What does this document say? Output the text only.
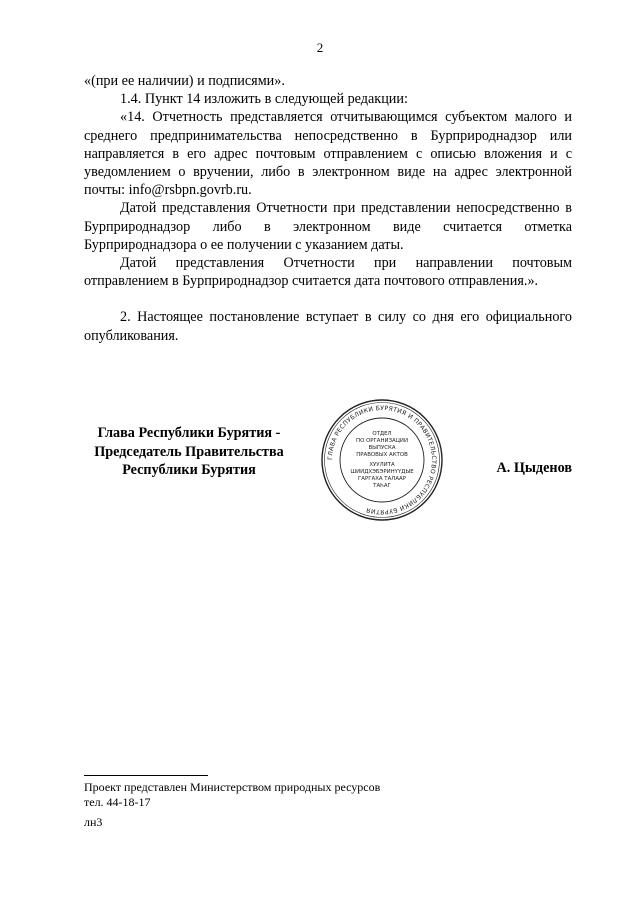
2

«(при ее наличии) и подписями».

1.4. Пункт 14 изложить в следующей редакции:

«14. Отчетность представляется отчитывающимся субъектом малого и среднего предпринимательства непосредственно в Бурприроднадзор или направляется в его адрес почтовым отправлением с описью вложения и с уведомлением о вручении, либо в электронном виде на адрес электронной почты: info@rsbpn.govrb.ru.

Датой представления Отчетности при представлении непосредственно в Бурприроднадзор либо в электронном виде считается отметка Бурприроднадзора о ее получении с указанием даты.

Датой представления Отчетности при направлении почтовым отправлением в Бурприроднадзор считается дата почтового отправления.».

2. Настоящее постановление вступает в силу со дня его официального опубликования.

Глава Республики Бурятия -
Председатель Правительства
Республики Бурятия
ГЛАВА РЕСПУБЛИКИ БУРЯТИЯ И ПРАВИТЕЛЬСТВО РЕСПУБЛИКИ БУРЯТИЯ
ОТДЕЛ
ПО ОРГАНИЗАЦИИ
ВЫПУСКА
ПРАВОВЫХ АКТОВ
ХУУЛИТА
ШИИДХЭБЭРИНҮҮДЫЕ
ГАРГАХА ТАЛААР
ТАҺАГ
А. Цыденов
Проект представлен Министерством природных ресурсов
тел. 44-18-17
лн3
